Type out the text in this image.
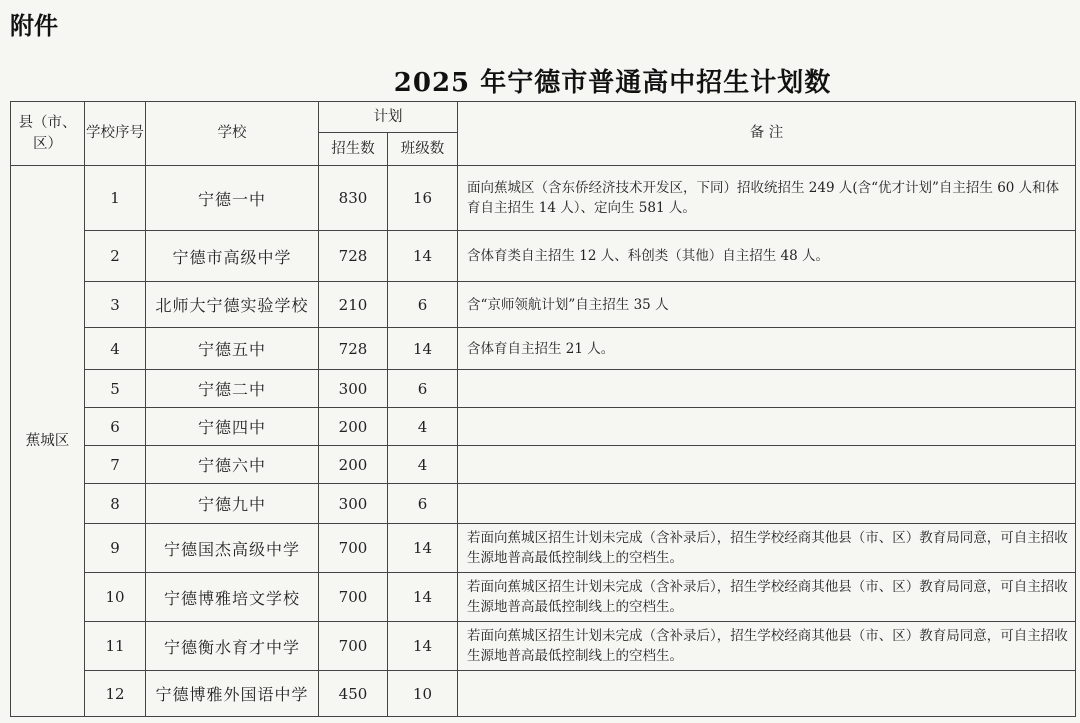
附件
2025 年宁德市普通高中招生计划数
县（市、区）	学校序号	学校	计划		备 注
			招生数	班级数	
蕉城区	1	宁德一中	830	16	面向蕉城区（含东侨经济技术开发区，下同）招收统招生 249 人(含“优才计划”自主招生 60 人和体育自主招生 14 人）、定向生 581 人。
	2	宁德市高级中学	728	14	含体育类自主招生 12 人、科创类（其他）自主招生 48 人。
	3	北师大宁德实验学校	210	6	含“京师领航计划”自主招生 35 人
	4	宁德五中	728	14	含体育自主招生 21 人。
	5	宁德二中	300	6	
	6	宁德四中	200	4	
	7	宁德六中	200	4	
	8	宁德九中	300	6	
	9	宁德国杰高级中学	700	14	若面向蕉城区招生计划未完成（含补录后），招生学校经商其他县（市、区）教育局同意，可自主招收生源地普高最低控制线上的空档生。
	10	宁德博雅培文学校	700	14	若面向蕉城区招生计划未完成（含补录后），招生学校经商其他县（市、区）教育局同意，可自主招收生源地普高最低控制线上的空档生。
	11	宁德衡水育才中学	700	14	若面向蕉城区招生计划未完成（含补录后），招生学校经商其他县（市、区）教育局同意，可自主招收生源地普高最低控制线上的空档生。
	12	宁德博雅外国语中学	450	10	
